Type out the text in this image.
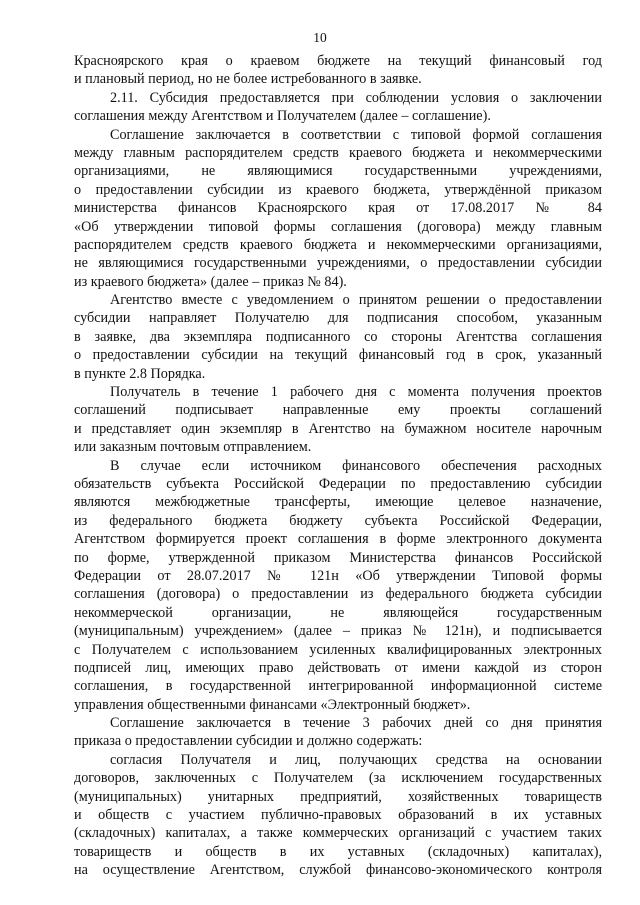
10
Красноярского края о краевом бюджете на текущий финансовый год
и плановый период, но не более истребованного в заявке.
2.11. Субсидия предоставляется при соблюдении условия о заключении
соглашения между Агентством и Получателем (далее – соглашение).
Соглашение заключается в соответствии с типовой формой соглашения
между главным распорядителем средств краевого бюджета и некоммерческими
организациями, не являющимися государственными учреждениями,
о предоставлении субсидии из краевого бюджета, утверждённой приказом
министерства финансов Красноярского края от 17.08.2017 № 84
«Об утверждении типовой формы соглашения (договора) между главным
распорядителем средств краевого бюджета и некоммерческими организациями,
не являющимися государственными учреждениями, о предоставлении субсидии
из краевого бюджета» (далее – приказ № 84).
Агентство вместе с уведомлением о принятом решении о предоставлении
субсидии направляет Получателю для подписания способом, указанным
в заявке, два экземпляра подписанного со стороны Агентства соглашения
о предоставлении субсидии на текущий финансовый год в срок, указанный
в пункте 2.8 Порядка.
Получатель в течение 1 рабочего дня с момента получения проектов
соглашений подписывает направленные ему проекты соглашений
и представляет один экземпляр в Агентство на бумажном носителе нарочным
или заказным почтовым отправлением.
В случае если источником финансового обеспечения расходных
обязательств субъекта Российской Федерации по предоставлению субсидии
являются межбюджетные трансферты, имеющие целевое назначение,
из федерального бюджета бюджету субъекта Российской Федерации,
Агентством формируется проект соглашения в форме электронного документа
по форме, утвержденной приказом Министерства финансов Российской
Федерации от 28.07.2017 № 121н «Об утверждении Типовой формы
соглашения (договора) о предоставлении из федерального бюджета субсидии
некоммерческой организации, не являющейся государственным
(муниципальным) учреждением» (далее – приказ № 121н), и подписывается
с Получателем с использованием усиленных квалифицированных электронных
подписей лиц, имеющих право действовать от имени каждой из сторон
соглашения, в государственной интегрированной информационной системе
управления общественными финансами «Электронный бюджет».
Соглашение заключается в течение 3 рабочих дней со дня принятия
приказа о предоставлении субсидии и должно содержать:
согласия Получателя и лиц, получающих средства на основании
договоров, заключенных с Получателем (за исключением государственных
(муниципальных) унитарных предприятий, хозяйственных товариществ
и обществ с участием публично-правовых образований в их уставных
(складочных) капиталах, а также коммерческих организаций с участием таких
товариществ и обществ в их уставных (складочных) капиталах),
на осуществление Агентством, службой финансово-экономического контроля
